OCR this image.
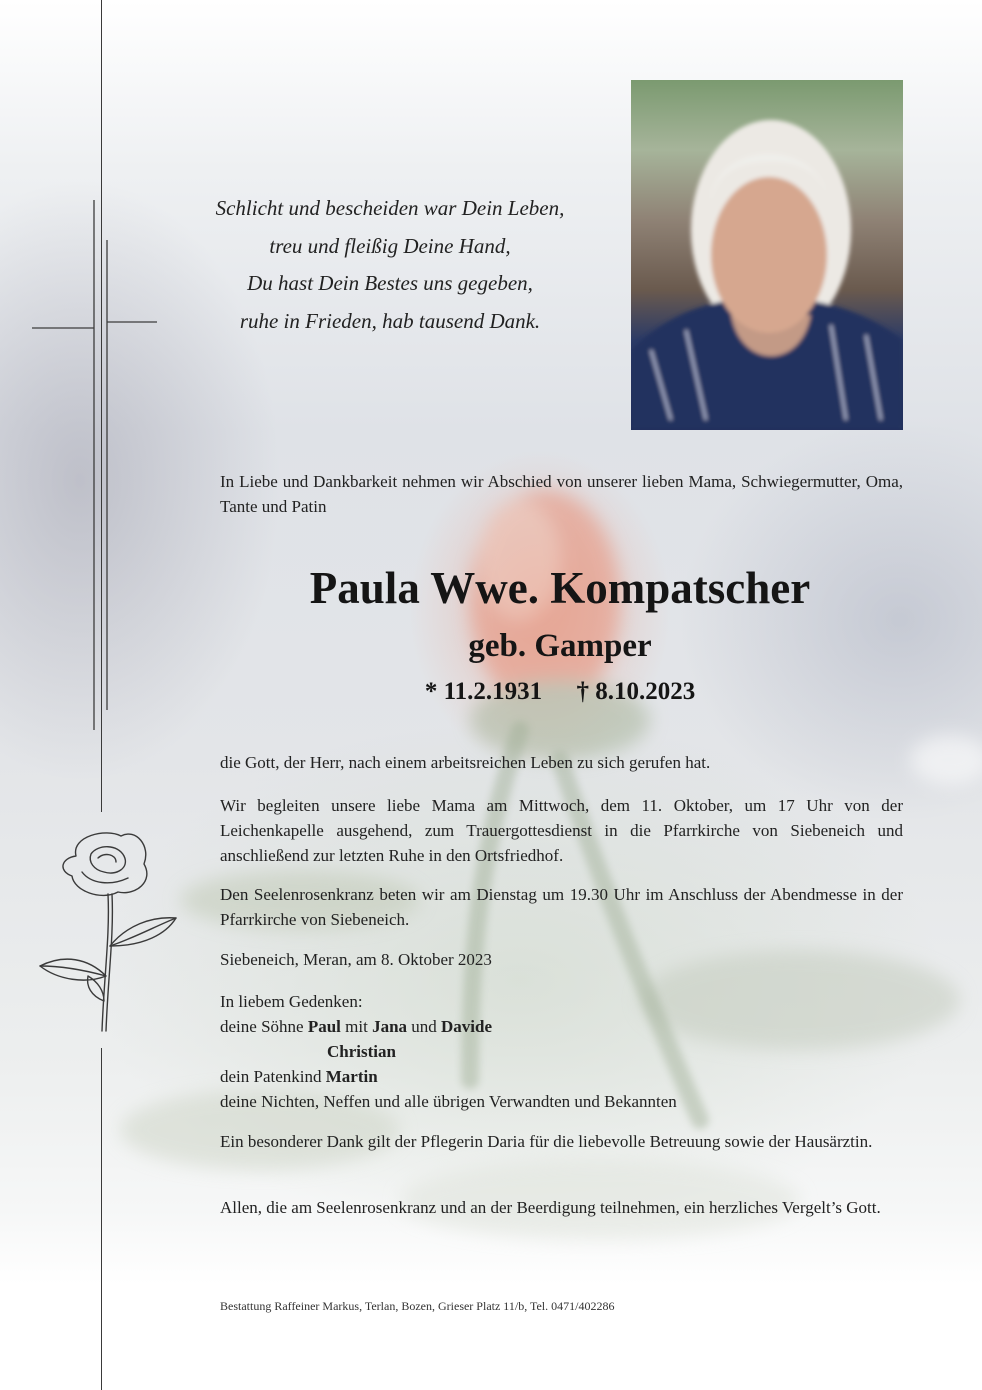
Schlicht und bescheiden war Dein Leben,
treu und fleißig Deine Hand,
Du hast Dein Bestes uns gegeben,
ruhe in Frieden, hab tausend Dank.
In Liebe und Dankbarkeit nehmen wir Abschied von unserer lieben Mama, Schwiegermutter, Oma, Tante und Patin
Paula Wwe. Kompatscher
geb. Gamper
* 11.2.1931 † 8.10.2023
die Gott, der Herr, nach einem arbeitsreichen Leben zu sich gerufen hat.
Wir begleiten unsere liebe Mama am Mittwoch, dem 11. Oktober, um 17 Uhr von der Leichenkapelle ausgehend, zum Trauergottesdienst in die Pfarrkirche von Siebeneich und anschließend zur letzten Ruhe in den Ortsfriedhof.
Den Seelenrosenkranz beten wir am Dienstag um 19.30 Uhr im Anschluss der Abendmesse in der Pfarrkirche von Siebeneich.
Siebeneich, Meran, am 8. Oktober 2023
In liebem Gedenken:
deine Söhne Paul mit Jana und Davide
Christian
dein Patenkind Martin
deine Nichten, Neffen und alle übrigen Verwandten und Bekannten
Ein besonderer Dank gilt der Pflegerin Daria für die liebevolle Betreuung sowie der Hausärztin.
Allen, die am Seelenrosenkranz und an der Beerdigung teilnehmen, ein herzliches Vergelt’s Gott.
Bestattung Raffeiner Markus, Terlan, Bozen, Grieser Platz 11/b, Tel. 0471/402286
